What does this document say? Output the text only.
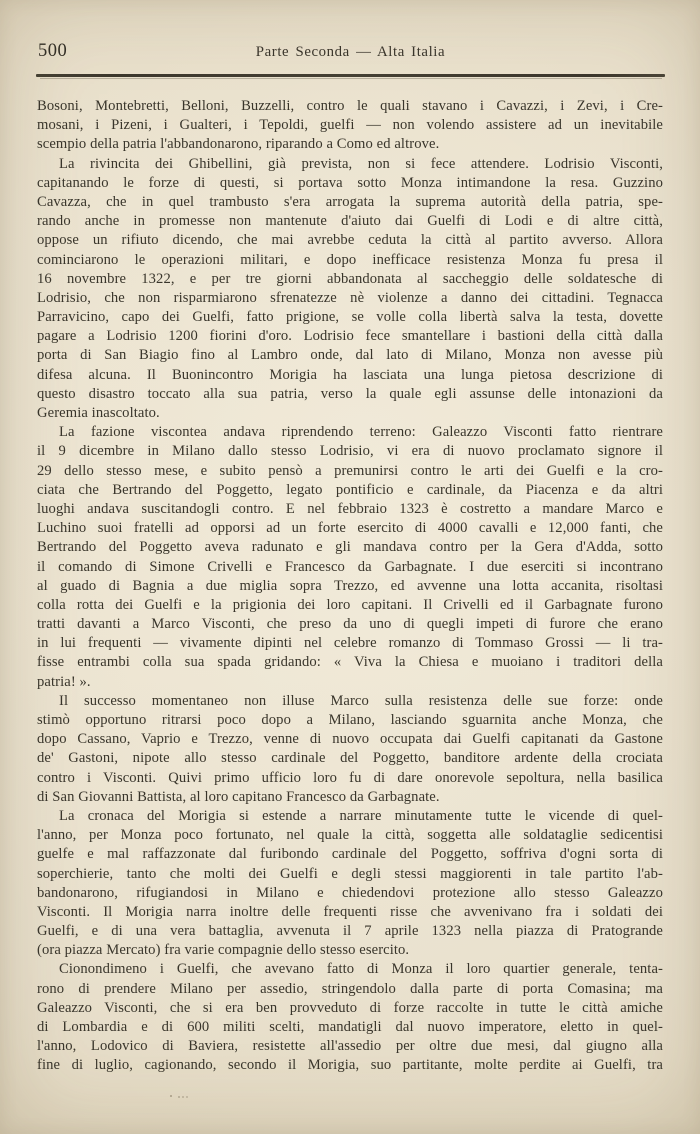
500	Parte Seconda — Alta Italia
Bosoni, Montebretti, Belloni, Buzzelli, contro le quali stavano i Cavazzi, i Zevi, i Cre-
mosani, i Pizeni, i Gualteri, i Tepoldi, guelfi — non volendo assistere ad un inevitabile
scempio della patria l'abbandonarono, riparando a Como ed altrove.
La rivincita dei Ghibellini, già prevista, non si fece attendere. Lodrisio Visconti,
capitanando le forze di questi, si portava sotto Monza intimandone la resa. Guzzino
Cavazza, che in quel trambusto s'era arrogata la suprema autorità della patria, spe-
rando anche in promesse non mantenute d'aiuto dai Guelfi di Lodi e di altre città,
oppose un rifiuto dicendo, che mai avrebbe ceduta la città al partito avverso. Allora
cominciarono le operazioni militari, e dopo inefficace resistenza Monza fu presa il
16 novembre 1322, e per tre giorni abbandonata al saccheggio delle soldatesche di
Lodrisio, che non risparmiarono sfrenatezze nè violenze a danno dei cittadini. Tegnacca
Parravicino, capo dei Guelfi, fatto prigione, se volle colla libertà salva la testa, dovette
pagare a Lodrisio 1200 fiorini d'oro. Lodrisio fece smantellare i bastioni della città dalla
porta di San Biagio fino al Lambro onde, dal lato di Milano, Monza non avesse più
difesa alcuna. Il Buonincontro Morigia ha lasciata una lunga pietosa descrizione di
questo disastro toccato alla sua patria, verso la quale egli assunse delle intonazioni da
Geremia inascoltato.
La fazione viscontea andava riprendendo terreno: Galeazzo Visconti fatto rientrare
il 9 dicembre in Milano dallo stesso Lodrisio, vi era di nuovo proclamato signore il
29 dello stesso mese, e subito pensò a premunirsi contro le arti dei Guelfi e la cro-
ciata che Bertrando del Poggetto, legato pontificio e cardinale, da Piacenza e da altri
luoghi andava suscitandogli contro. E nel febbraio 1323 è costretto a mandare Marco e
Luchino suoi fratelli ad opporsi ad un forte esercito di 4000 cavalli e 12,000 fanti, che
Bertrando del Poggetto aveva radunato e gli mandava contro per la Gera d'Adda, sotto
il comando di Simone Crivelli e Francesco da Garbagnate. I due eserciti si incontrano
al guado di Bagnia a due miglia sopra Trezzo, ed avvenne una lotta accanita, risoltasi
colla rotta dei Guelfi e la prigionia dei loro capitani. Il Crivelli ed il Garbagnate furono
tratti davanti a Marco Visconti, che preso da uno di quegli impeti di furore che erano
in lui frequenti — vivamente dipinti nel celebre romanzo di Tommaso Grossi — li tra-
fisse entrambi colla sua spada gridando: « Viva la Chiesa e muoiano i traditori della
patria! ».
Il successo momentaneo non illuse Marco sulla resistenza delle sue forze: onde
stimò opportuno ritrarsi poco dopo a Milano, lasciando sguarnita anche Monza, che
dopo Cassano, Vaprio e Trezzo, venne di nuovo occupata dai Guelfi capitanati da Gastone
de' Gastoni, nipote allo stesso cardinale del Poggetto, banditore ardente della crociata
contro i Visconti. Quivi primo ufficio loro fu di dare onorevole sepoltura, nella basilica
di San Giovanni Battista, al loro capitano Francesco da Garbagnate.
La cronaca del Morigia si estende a narrare minutamente tutte le vicende di quel-
l'anno, per Monza poco fortunato, nel quale la città, soggetta alle soldataglie sedicentisi
guelfe e mal raffazzonate dal furibondo cardinale del Poggetto, soffriva d'ogni sorta di
soperchierie, tanto che molti dei Guelfi e degli stessi maggiorenti in tale partito l'ab-
bandonarono, rifugiandosi in Milano e chiedendovi protezione allo stesso Galeazzo
Visconti. Il Morigia narra inoltre delle frequenti risse che avvenivano fra i soldati dei
Guelfi, e di una vera battaglia, avvenuta il 7 aprile 1323 nella piazza di Pratogrande
(ora piazza Mercato) fra varie compagnie dello stesso esercito.
Cionondimeno i Guelfi, che avevano fatto di Monza il loro quartier generale, tenta-
rono di prendere Milano per assedio, stringendolo dalla parte di porta Comasina; ma
Galeazzo Visconti, che si era ben provveduto di forze raccolte in tutte le città amiche
di Lombardia e di 600 militi scelti, mandatigli dal nuovo imperatore, eletto in quel-
l'anno, Lodovico di Baviera, resistette all'assedio per oltre due mesi, dal giugno alla
fine di luglio, cagionando, secondo il Morigia, suo partitante, molte perdite ai Guelfi, tra
